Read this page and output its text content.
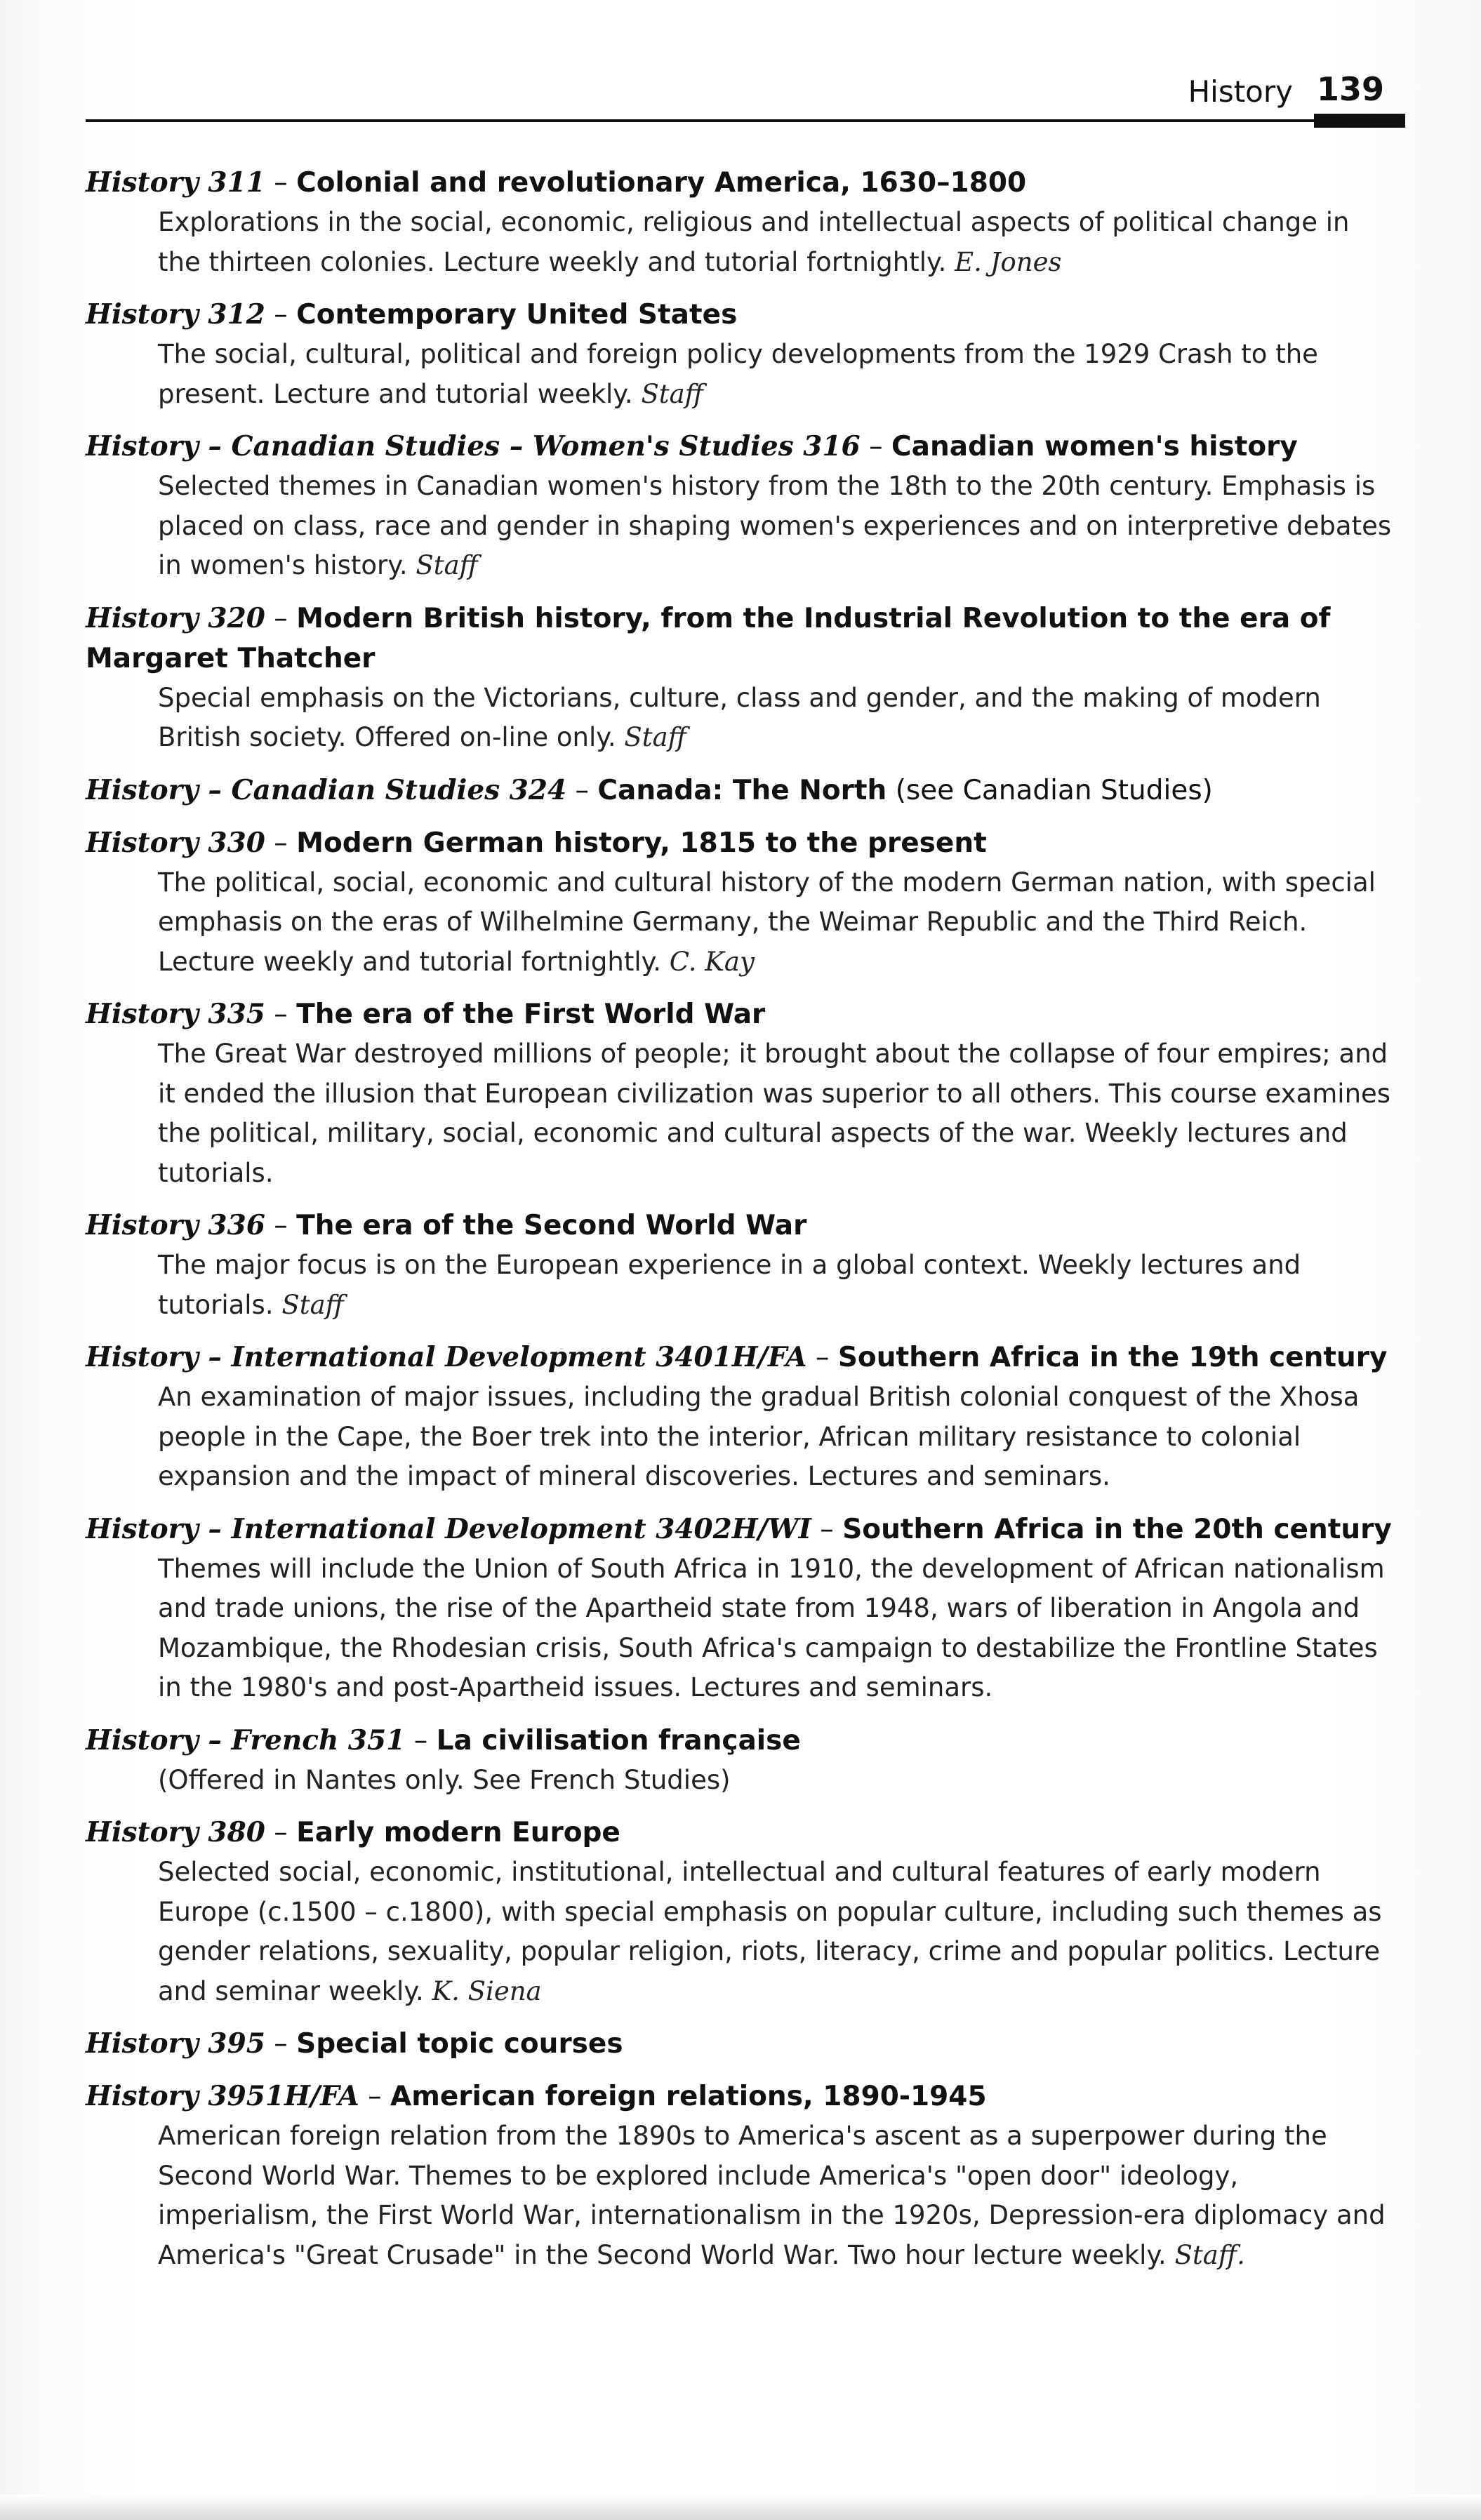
History 139
History 311 – Colonial and revolutionary America, 1630–1800
Explorations in the social, economic, religious and intellectual aspects of political change in the thirteen colonies. Lecture weekly and tutorial fortnightly. E. Jones
History 312 – Contemporary United States
The social, cultural, political and foreign policy developments from the 1929 Crash to the present. Lecture and tutorial weekly. Staff
History – Canadian Studies – Women's Studies 316 – Canadian women's history
Selected themes in Canadian women's history from the 18th to the 20th century. Emphasis is placed on class, race and gender in shaping women's experiences and on interpretive debates in women's history. Staff
History 320 – Modern British history, from the Industrial Revolution to the era of Margaret Thatcher
Special emphasis on the Victorians, culture, class and gender, and the making of modern British society. Offered on-line only. Staff
History – Canadian Studies 324 – Canada: The North (see Canadian Studies)
History 330 – Modern German history, 1815 to the present
The political, social, economic and cultural history of the modern German nation, with special emphasis on the eras of Wilhelmine Germany, the Weimar Republic and the Third Reich. Lecture weekly and tutorial fortnightly. C. Kay
History 335 – The era of the First World War
The Great War destroyed millions of people; it brought about the collapse of four empires; and it ended the illusion that European civilization was superior to all others. This course examines the political, military, social, economic and cultural aspects of the war. Weekly lectures and tutorials.
History 336 – The era of the Second World War
The major focus is on the European experience in a global context. Weekly lectures and tutorials. Staff
History – International Development 3401H/FA – Southern Africa in the 19th century
An examination of major issues, including the gradual British colonial conquest of the Xhosa people in the Cape, the Boer trek into the interior, African military resistance to colonial expansion and the impact of mineral discoveries. Lectures and seminars.
History – International Development 3402H/WI – Southern Africa in the 20th century
Themes will include the Union of South Africa in 1910, the development of African nationalism and trade unions, the rise of the Apartheid state from 1948, wars of liberation in Angola and Mozambique, the Rhodesian crisis, South Africa's campaign to destabilize the Frontline States in the 1980's and post-Apartheid issues. Lectures and seminars.
History – French 351 – La civilisation française
(Offered in Nantes only. See French Studies)
History 380 – Early modern Europe
Selected social, economic, institutional, intellectual and cultural features of early modern Europe (c.1500 – c.1800), with special emphasis on popular culture, including such themes as gender relations, sexuality, popular religion, riots, literacy, crime and popular politics. Lecture and seminar weekly. K. Siena
History 395 – Special topic courses
History 3951H/FA – American foreign relations, 1890-1945
American foreign relation from the 1890s to America's ascent as a superpower during the Second World War. Themes to be explored include America's "open door" ideology, imperialism, the First World War, internationalism in the 1920s, Depression-era diplomacy and America's "Great Crusade" in the Second World War. Two hour lecture weekly. Staff.
